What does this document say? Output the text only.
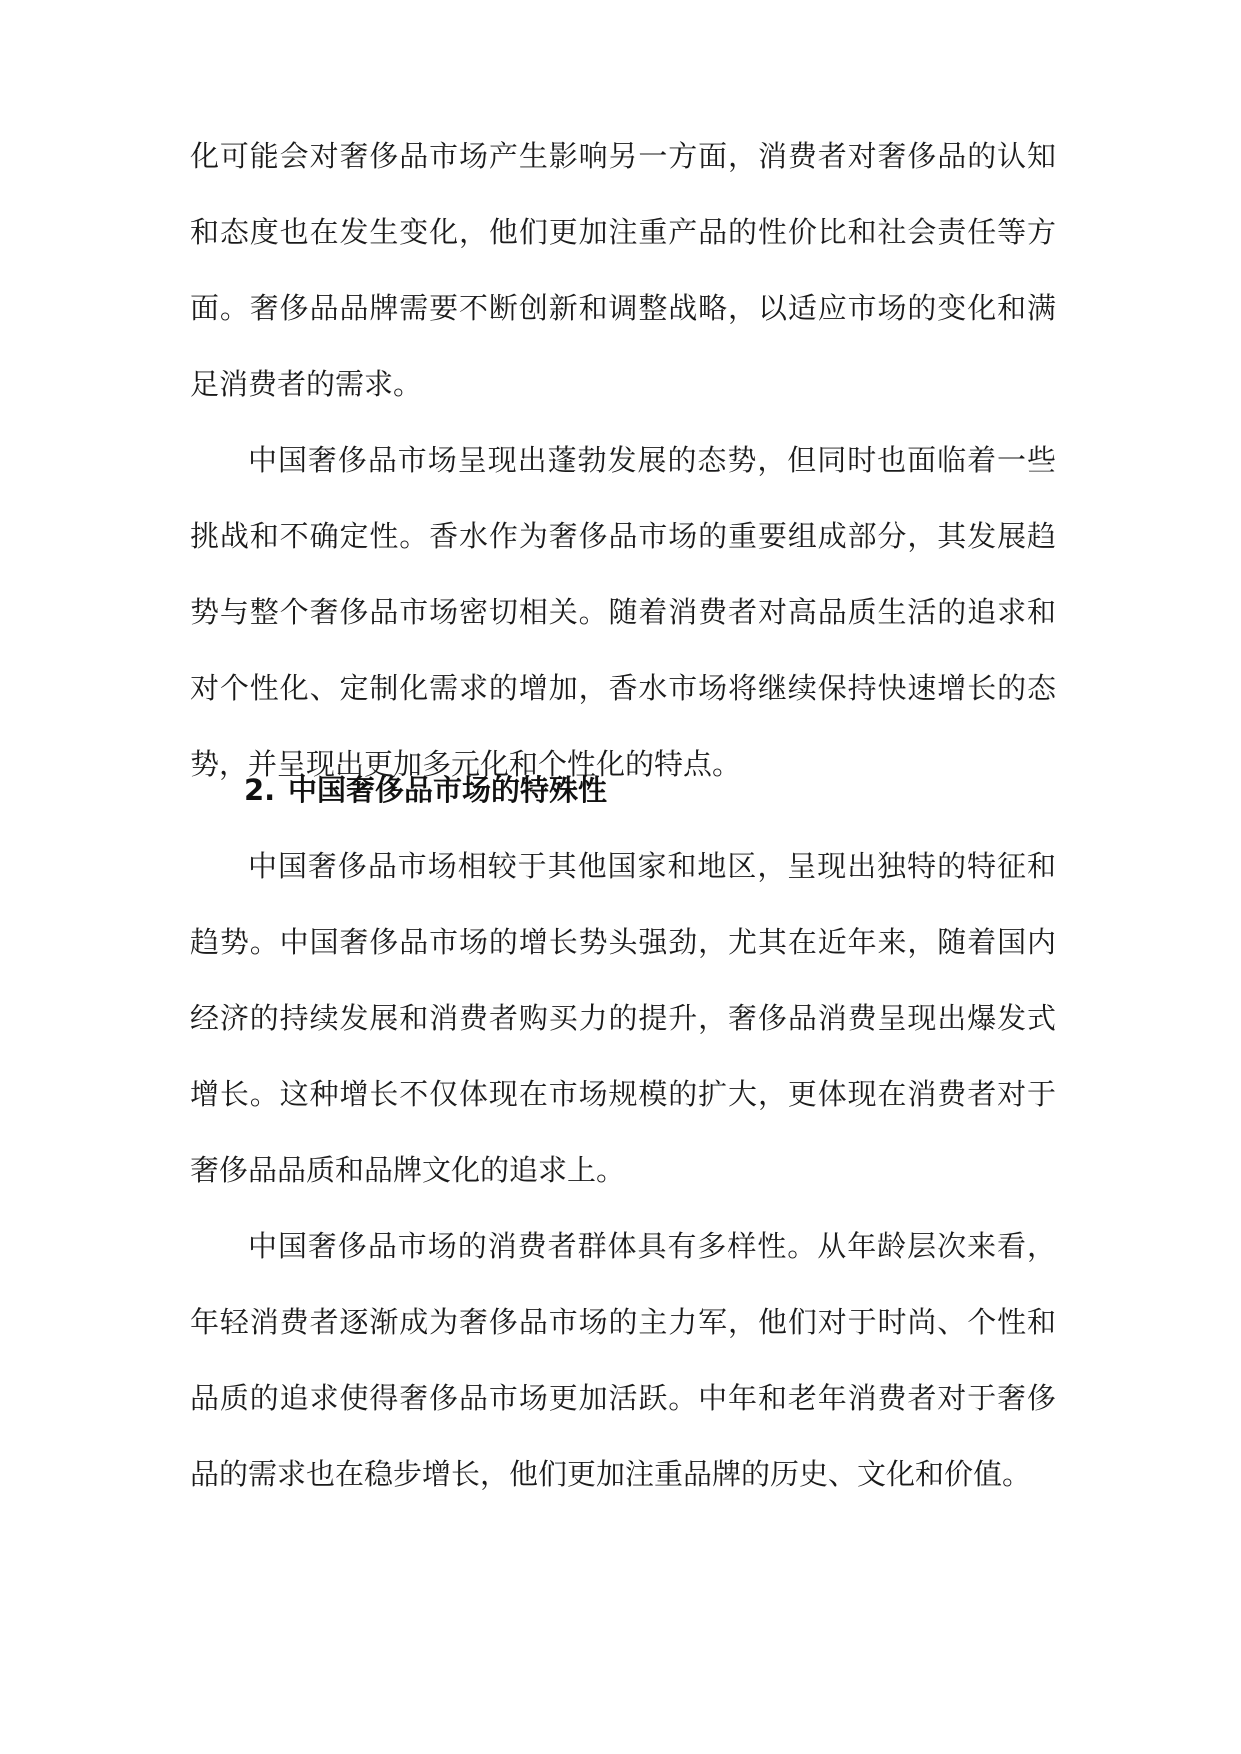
化可能会对奢侈品市场产生影响另一方面，消费者对奢侈品的认知和态度也在发生变化，他们更加注重产品的性价比和社会责任等方面。奢侈品品牌需要不断创新和调整战略，以适应市场的变化和满足消费者的需求。

中国奢侈品市场呈现出蓬勃发展的态势，但同时也面临着一些挑战和不确定性。香水作为奢侈品市场的重要组成部分，其发展趋势与整个奢侈品市场密切相关。随着消费者对高品质生活的追求和对个性化、定制化需求的增加，香水市场将继续保持快速增长的态势，并呈现出更加多元化和个性化的特点。

2. 中国奢侈品市场的特殊性

中国奢侈品市场相较于其他国家和地区，呈现出独特的特征和趋势。中国奢侈品市场的增长势头强劲，尤其在近年来，随着国内经济的持续发展和消费者购买力的提升，奢侈品消费呈现出爆发式增长。这种增长不仅体现在市场规模的扩大，更体现在消费者对于奢侈品品质和品牌文化的追求上。

中国奢侈品市场的消费者群体具有多样性。从年龄层次来看，年轻消费者逐渐成为奢侈品市场的主力军，他们对于时尚、个性和品质的追求使得奢侈品市场更加活跃。中年和老年消费者对于奢侈品的需求也在稳步增长，他们更加注重品牌的历史、文化和价值。
